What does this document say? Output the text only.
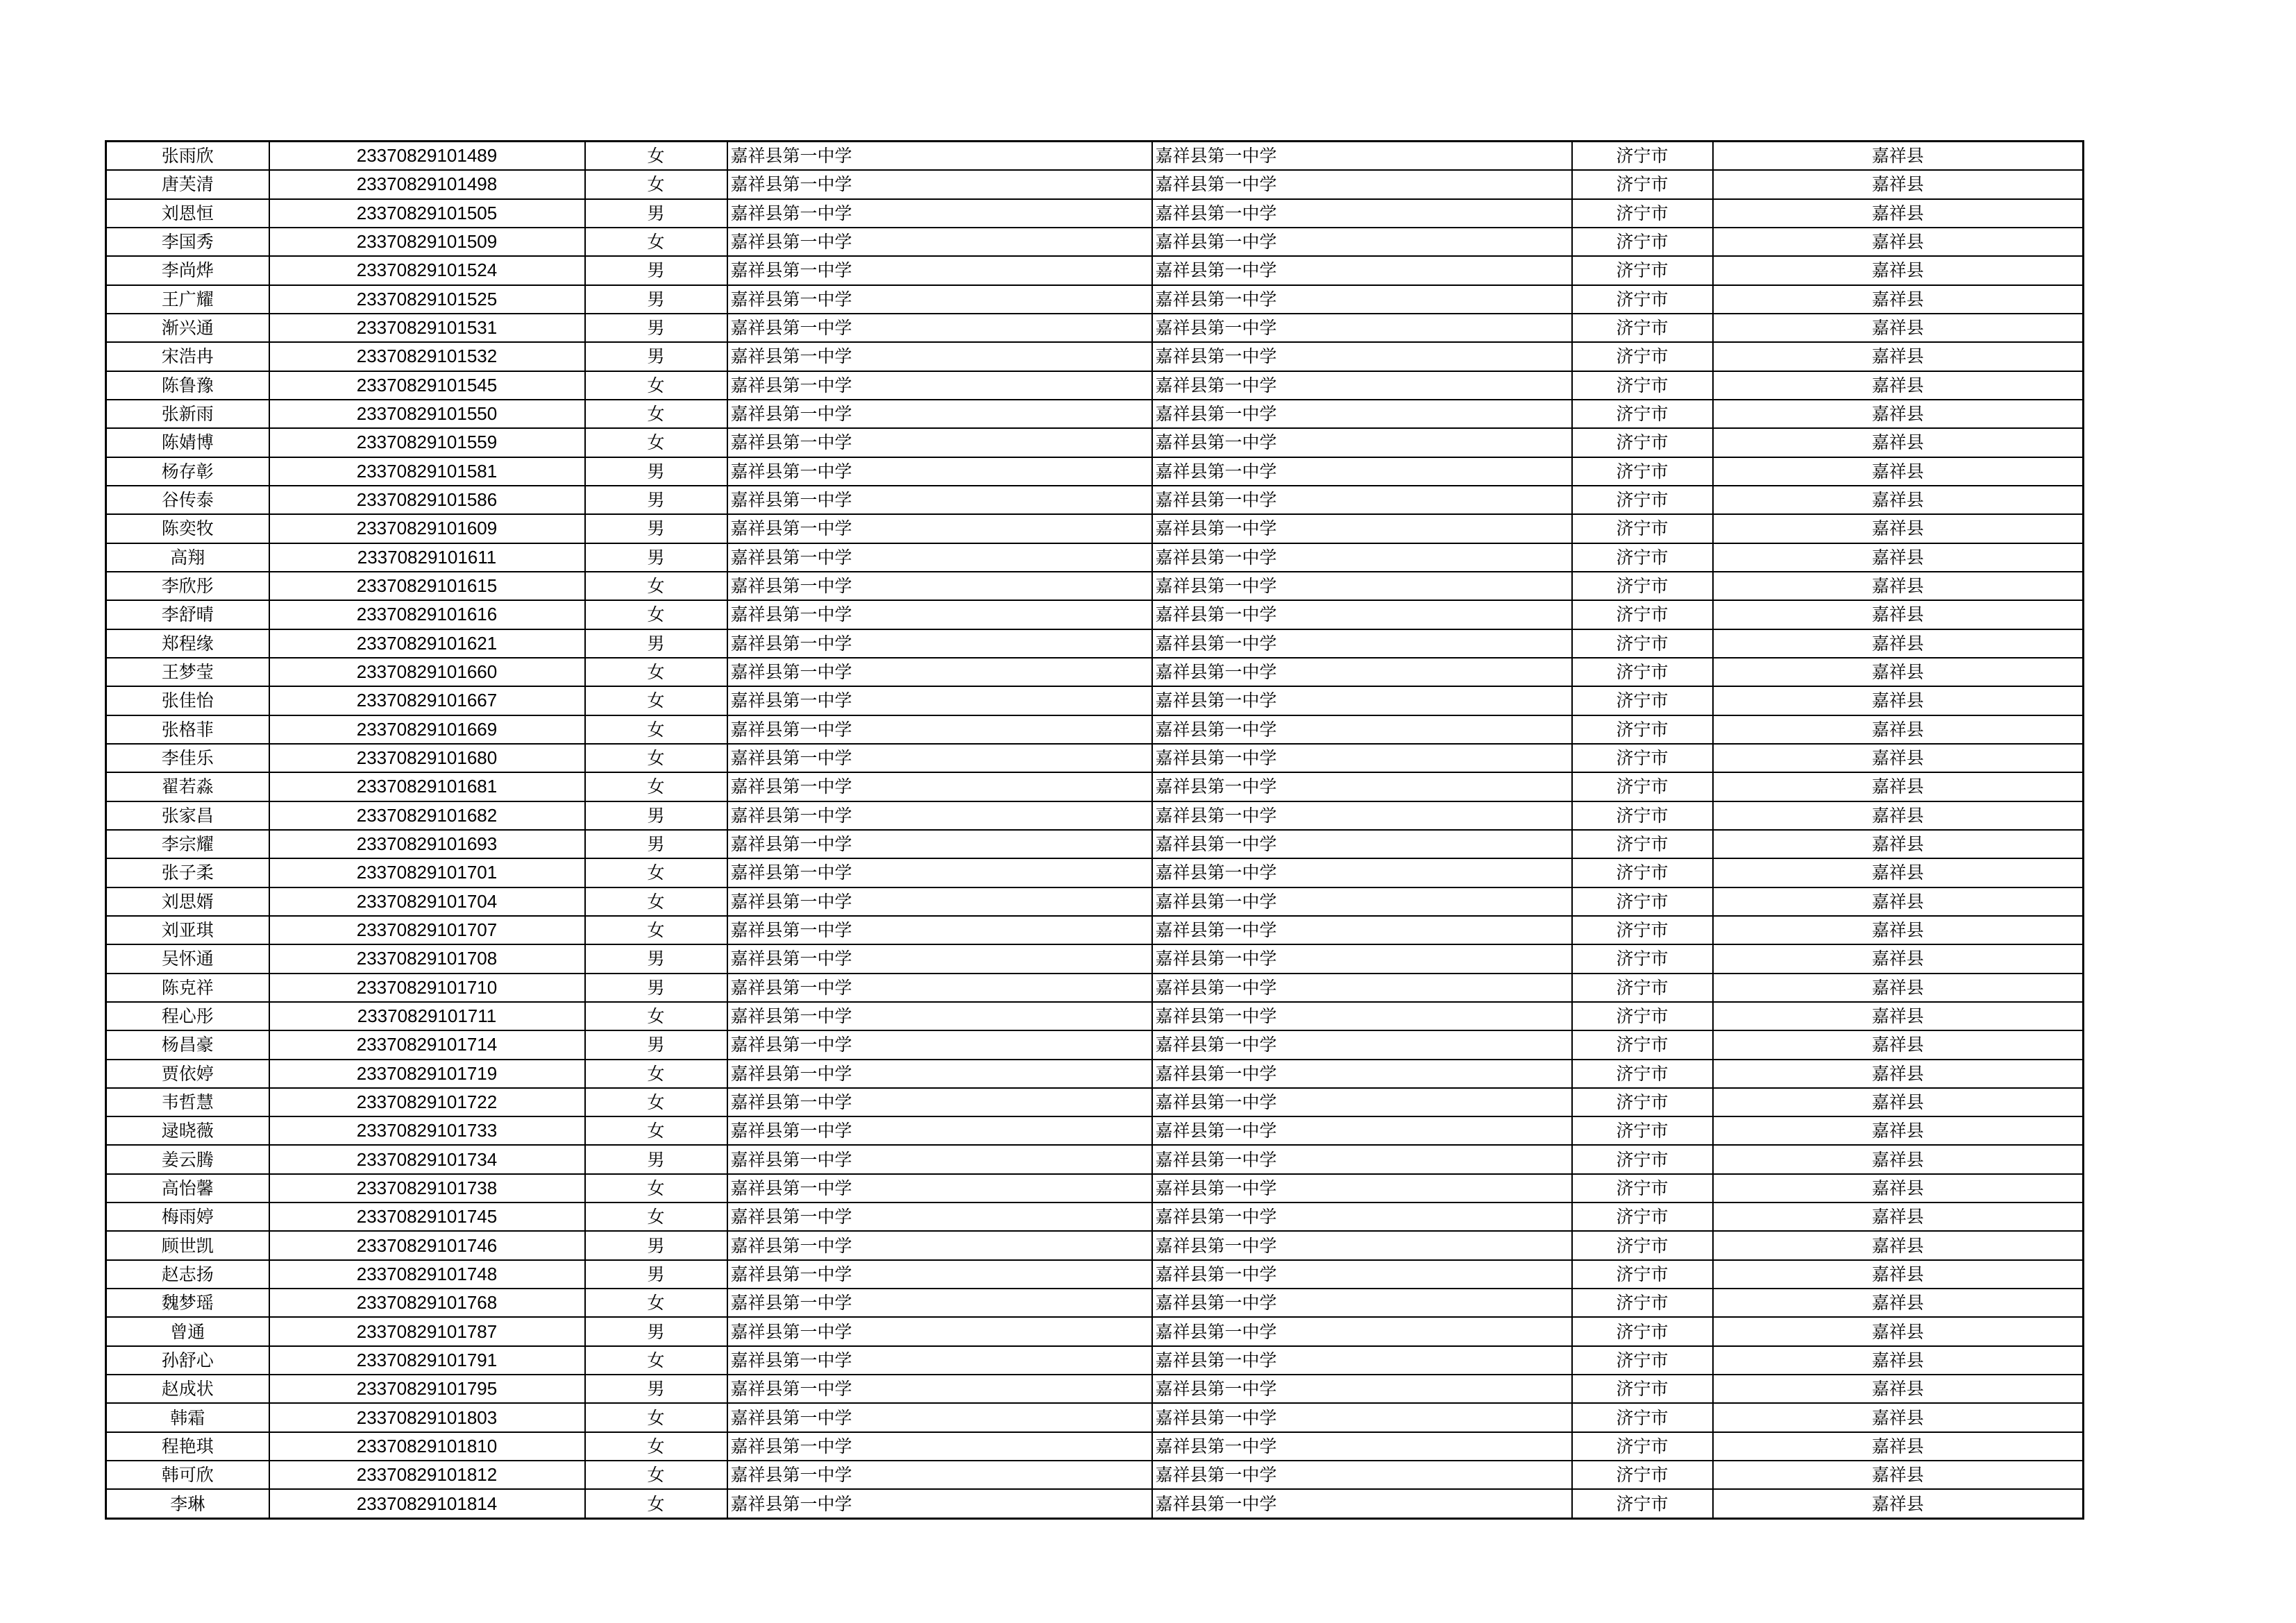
张雨欣	23370829101489	女	嘉祥县第一中学	嘉祥县第一中学	济宁市	嘉祥县
唐芙清	23370829101498	女	嘉祥县第一中学	嘉祥县第一中学	济宁市	嘉祥县
刘恩恒	23370829101505	男	嘉祥县第一中学	嘉祥县第一中学	济宁市	嘉祥县
李国秀	23370829101509	女	嘉祥县第一中学	嘉祥县第一中学	济宁市	嘉祥县
李尚烨	23370829101524	男	嘉祥县第一中学	嘉祥县第一中学	济宁市	嘉祥县
王广耀	23370829101525	男	嘉祥县第一中学	嘉祥县第一中学	济宁市	嘉祥县
渐兴通	23370829101531	男	嘉祥县第一中学	嘉祥县第一中学	济宁市	嘉祥县
宋浩冉	23370829101532	男	嘉祥县第一中学	嘉祥县第一中学	济宁市	嘉祥县
陈鲁豫	23370829101545	女	嘉祥县第一中学	嘉祥县第一中学	济宁市	嘉祥县
张新雨	23370829101550	女	嘉祥县第一中学	嘉祥县第一中学	济宁市	嘉祥县
陈婧博	23370829101559	女	嘉祥县第一中学	嘉祥县第一中学	济宁市	嘉祥县
杨存彰	23370829101581	男	嘉祥县第一中学	嘉祥县第一中学	济宁市	嘉祥县
谷传泰	23370829101586	男	嘉祥县第一中学	嘉祥县第一中学	济宁市	嘉祥县
陈奕牧	23370829101609	男	嘉祥县第一中学	嘉祥县第一中学	济宁市	嘉祥县
高翔	23370829101611	男	嘉祥县第一中学	嘉祥县第一中学	济宁市	嘉祥县
李欣彤	23370829101615	女	嘉祥县第一中学	嘉祥县第一中学	济宁市	嘉祥县
李舒晴	23370829101616	女	嘉祥县第一中学	嘉祥县第一中学	济宁市	嘉祥县
郑程缘	23370829101621	男	嘉祥县第一中学	嘉祥县第一中学	济宁市	嘉祥县
王梦莹	23370829101660	女	嘉祥县第一中学	嘉祥县第一中学	济宁市	嘉祥县
张佳怡	23370829101667	女	嘉祥县第一中学	嘉祥县第一中学	济宁市	嘉祥县
张格菲	23370829101669	女	嘉祥县第一中学	嘉祥县第一中学	济宁市	嘉祥县
李佳乐	23370829101680	女	嘉祥县第一中学	嘉祥县第一中学	济宁市	嘉祥县
翟若淼	23370829101681	女	嘉祥县第一中学	嘉祥县第一中学	济宁市	嘉祥县
张家昌	23370829101682	男	嘉祥县第一中学	嘉祥县第一中学	济宁市	嘉祥县
李宗耀	23370829101693	男	嘉祥县第一中学	嘉祥县第一中学	济宁市	嘉祥县
张子柔	23370829101701	女	嘉祥县第一中学	嘉祥县第一中学	济宁市	嘉祥县
刘思婿	23370829101704	女	嘉祥县第一中学	嘉祥县第一中学	济宁市	嘉祥县
刘亚琪	23370829101707	女	嘉祥县第一中学	嘉祥县第一中学	济宁市	嘉祥县
吴怀通	23370829101708	男	嘉祥县第一中学	嘉祥县第一中学	济宁市	嘉祥县
陈克祥	23370829101710	男	嘉祥县第一中学	嘉祥县第一中学	济宁市	嘉祥县
程心彤	23370829101711	女	嘉祥县第一中学	嘉祥县第一中学	济宁市	嘉祥县
杨昌豪	23370829101714	男	嘉祥县第一中学	嘉祥县第一中学	济宁市	嘉祥县
贾依婷	23370829101719	女	嘉祥县第一中学	嘉祥县第一中学	济宁市	嘉祥县
韦哲慧	23370829101722	女	嘉祥县第一中学	嘉祥县第一中学	济宁市	嘉祥县
逯晓薇	23370829101733	女	嘉祥县第一中学	嘉祥县第一中学	济宁市	嘉祥县
姜云腾	23370829101734	男	嘉祥县第一中学	嘉祥县第一中学	济宁市	嘉祥县
高怡馨	23370829101738	女	嘉祥县第一中学	嘉祥县第一中学	济宁市	嘉祥县
梅雨婷	23370829101745	女	嘉祥县第一中学	嘉祥县第一中学	济宁市	嘉祥县
顾世凯	23370829101746	男	嘉祥县第一中学	嘉祥县第一中学	济宁市	嘉祥县
赵志扬	23370829101748	男	嘉祥县第一中学	嘉祥县第一中学	济宁市	嘉祥县
魏梦瑶	23370829101768	女	嘉祥县第一中学	嘉祥县第一中学	济宁市	嘉祥县
曾通	23370829101787	男	嘉祥县第一中学	嘉祥县第一中学	济宁市	嘉祥县
孙舒心	23370829101791	女	嘉祥县第一中学	嘉祥县第一中学	济宁市	嘉祥县
赵成状	23370829101795	男	嘉祥县第一中学	嘉祥县第一中学	济宁市	嘉祥县
韩霜	23370829101803	女	嘉祥县第一中学	嘉祥县第一中学	济宁市	嘉祥县
程艳琪	23370829101810	女	嘉祥县第一中学	嘉祥县第一中学	济宁市	嘉祥县
韩可欣	23370829101812	女	嘉祥县第一中学	嘉祥县第一中学	济宁市	嘉祥县
李琳	23370829101814	女	嘉祥县第一中学	嘉祥县第一中学	济宁市	嘉祥县
